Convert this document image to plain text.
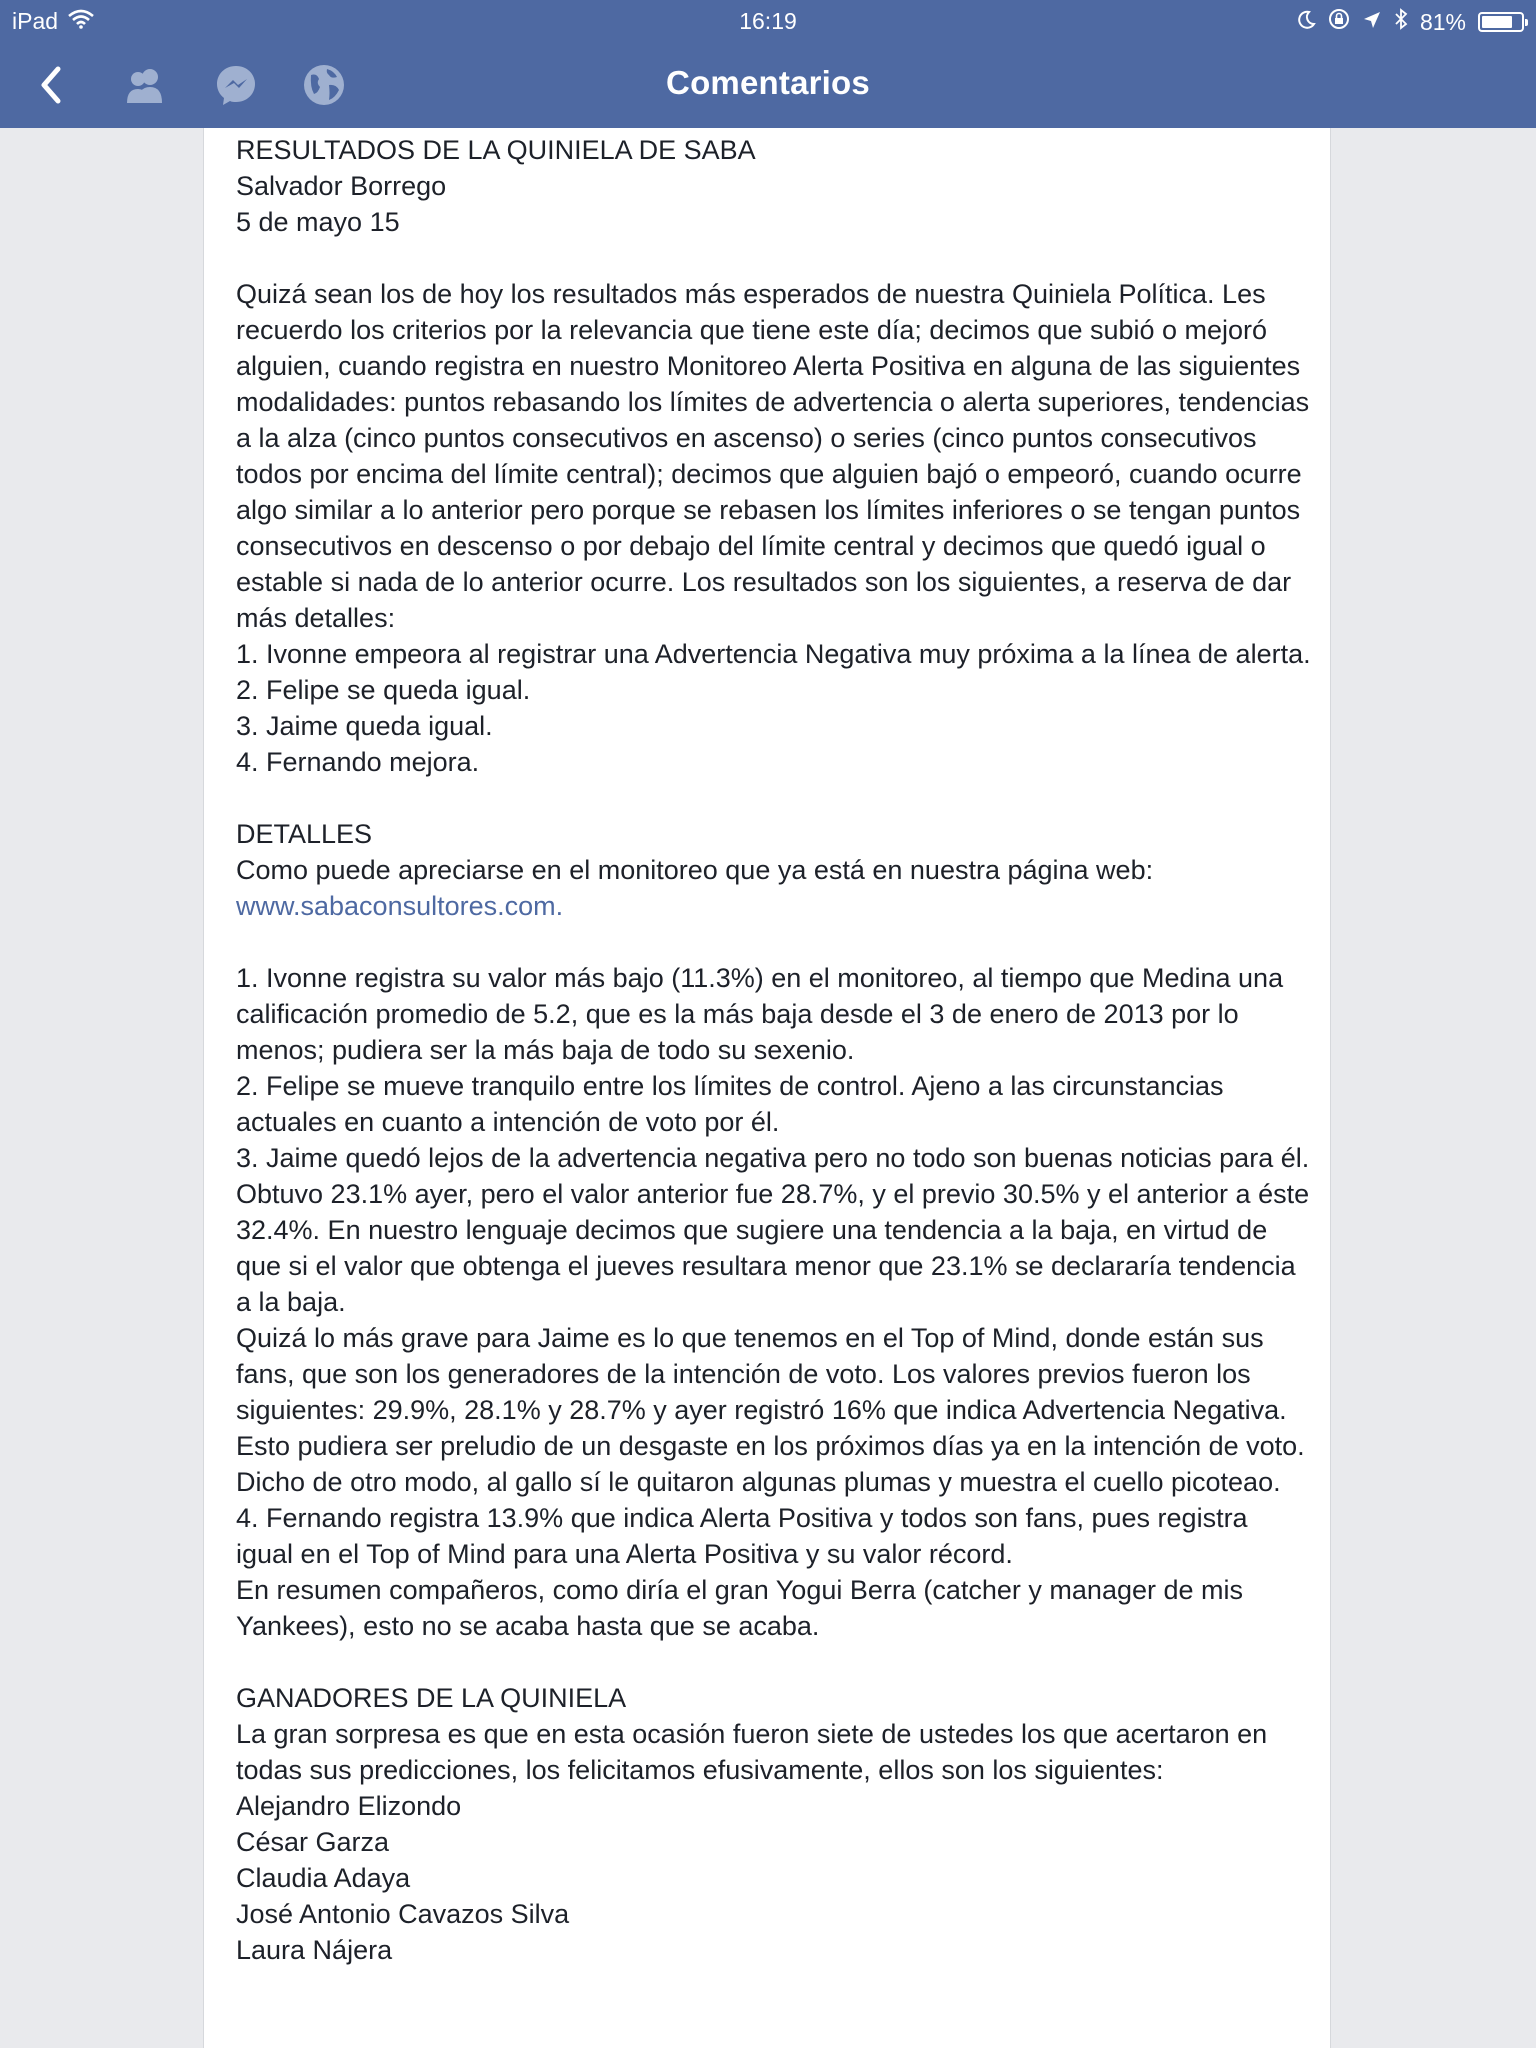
iPad	16:19	81%
Comentarios

RESULTADOS DE LA QUINIELA DE SABA

Salvador Borrego

5 de mayo 15

Quizá sean los de hoy los resultados más esperados de nuestra Quiniela Política. Les recuerdo los criterios por la relevancia que tiene este día; decimos que subió o mejoró alguien, cuando registra en nuestro Monitoreo Alerta Positiva en alguna de las siguientes modalidades: puntos rebasando los límites de advertencia o alerta superiores, tendencias a la alza (cinco puntos consecutivos en ascenso) o series (cinco puntos consecutivos todos por encima del límite central); decimos que alguien bajó o empeoró, cuando ocurre algo similar a lo anterior pero porque se rebasen los límites inferiores o se tengan puntos consecutivos en descenso o por debajo del límite central y decimos que quedó igual o estable si nada de lo anterior ocurre. Los resultados son los siguientes, a reserva de dar más detalles:

1. Ivonne empeora al registrar una Advertencia Negativa muy próxima a la línea de alerta.

2. Felipe se queda igual.

3. Jaime queda igual.

4. Fernando mejora.

DETALLES

Como puede apreciarse en el monitoreo que ya está en nuestra página web:

www.sabaconsultores.com.

1. Ivonne registra su valor más bajo (11.3%) en el monitoreo, al tiempo que Medina una calificación promedio de 5.2, que es la más baja desde el 3 de enero de 2013 por lo menos; pudiera ser la más baja de todo su sexenio.

2. Felipe se mueve tranquilo entre los límites de control. Ajeno a las circunstancias actuales en cuanto a intención de voto por él.

3. Jaime quedó lejos de la advertencia negativa pero no todo son buenas noticias para él. Obtuvo 23.1% ayer, pero el valor anterior fue 28.7%, y el previo 30.5% y el anterior a éste 32.4%. En nuestro lenguaje decimos que sugiere una tendencia a la baja, en virtud de que si el valor que obtenga el jueves resultara menor que 23.1% se declararía tendencia a la baja.

Quizá lo más grave para Jaime es lo que tenemos en el Top of Mind, donde están sus fans, que son los generadores de la intención de voto. Los valores previos fueron los siguientes: 29.9%, 28.1% y 28.7% y ayer registró 16% que indica Advertencia Negativa. Esto pudiera ser preludio de un desgaste en los próximos días ya en la intención de voto. Dicho de otro modo, al gallo sí le quitaron algunas plumas y muestra el cuello picoteao.

4. Fernando registra 13.9% que indica Alerta Positiva y todos son fans, pues registra igual en el Top of Mind para una Alerta Positiva y su valor récord.

En resumen compañeros, como diría el gran Yogui Berra (catcher y manager de mis Yankees), esto no se acaba hasta que se acaba.

GANADORES DE LA QUINIELA

La gran sorpresa es que en esta ocasión fueron siete de ustedes los que acertaron en todas sus predicciones, los felicitamos efusivamente, ellos son los siguientes:

Alejandro Elizondo

César Garza

Claudia Adaya

José Antonio Cavazos Silva

Laura Nájera
